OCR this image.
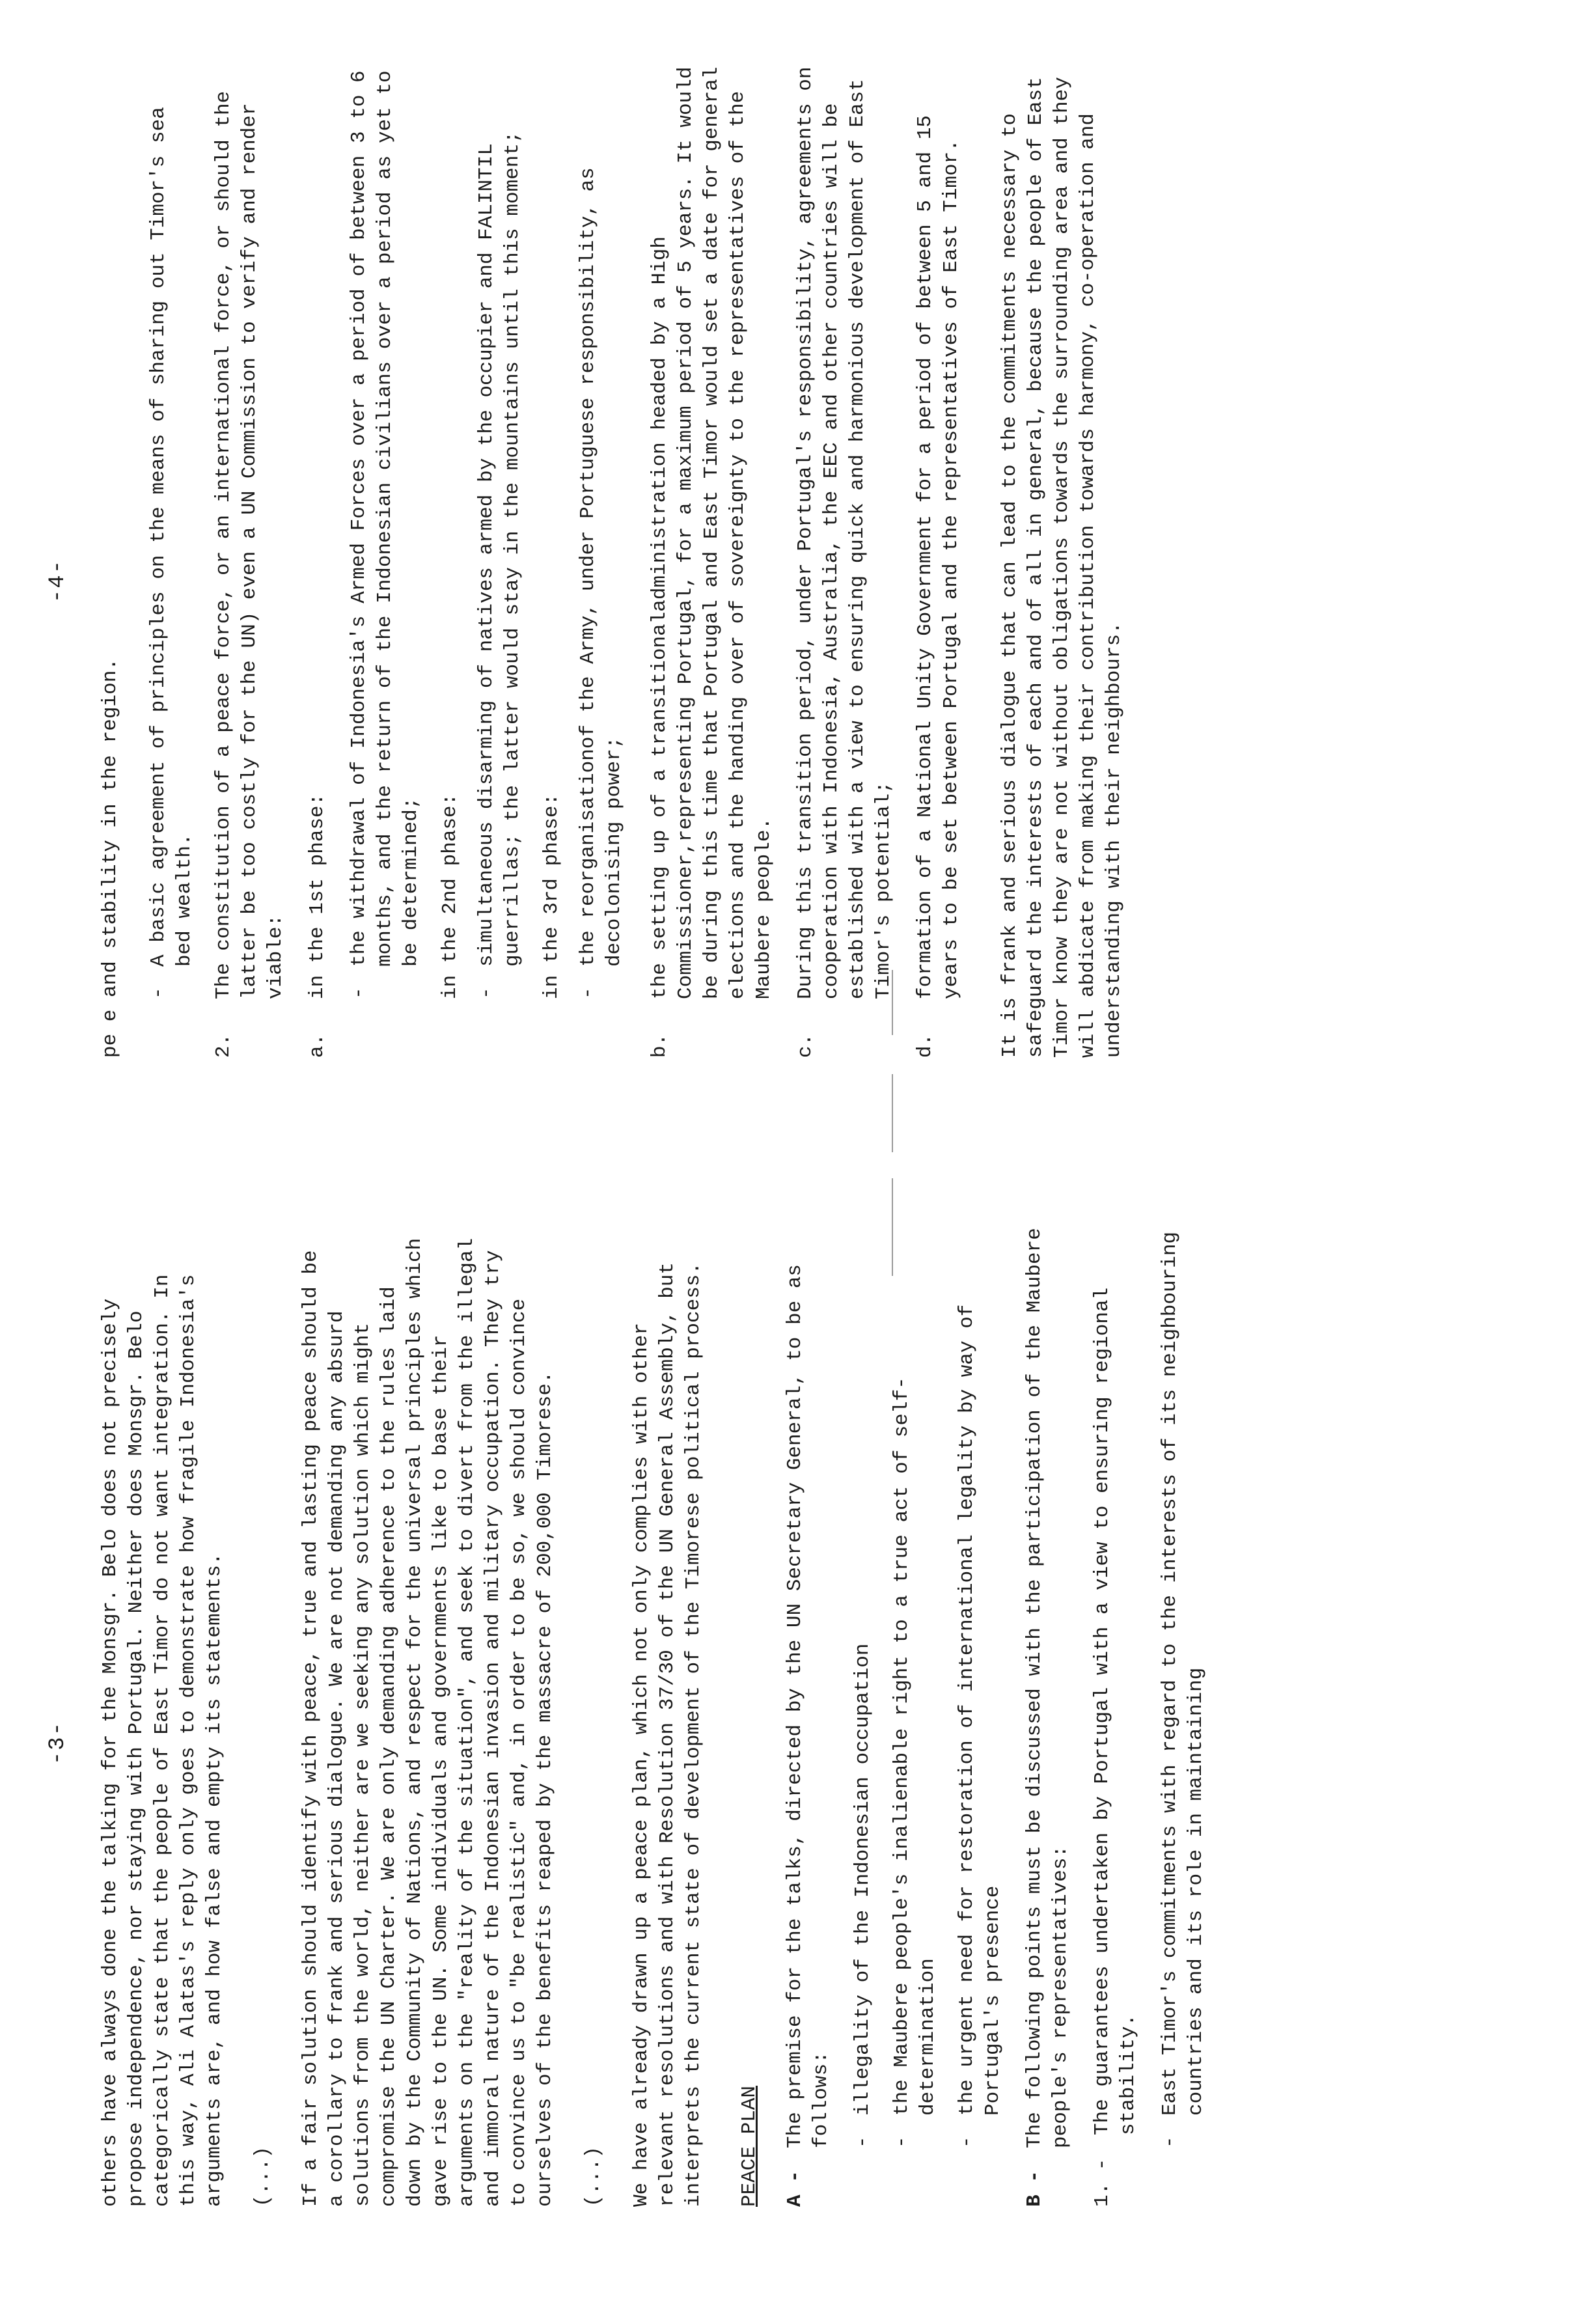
-3- others have always done the talking for the Monsgr. Belo does not precisely propose independence, nor staying with Portugal. Neither does Monsgr. Belo categorically state that the people of East Timor do not want integration. In this way, Ali Alatas's reply only goes to demonstrate how fragile Indonesia's arguments are, and how false and empty its statements. (...) If a fair solution should identify with peace, true and lasting peace should be a corollary to frank and serious dialogue. We are not demanding any absurd solutions from the world, neither are we seeking any solution which might compromise the UN Charter. We are only demanding adherence to the rules laid down by the Community of Nations, and respect for the universal principles which gave rise to the UN. Some individuals and governments like to base their arguments on the "reality of the situation", and seek to divert from the illegal and immoral nature of the Indonesian invasion and military occupation. They try to convince us to "be realistic" and, in order to be so, we should convince ourselves of the benefits reaped by the massacre of 200,000 Timorese. (...) We have already drawn up a peace plan, which not only complies with other relevant resolutions and with Resolution 37/30 of the UN General Assembly, but interprets the current state of development of the Timorese political process. PEACE PLAN A -
The premise for the talks, directed by the UN Secretary General, to be as follows: -
illegality of the Indonesian occupation
-
the Maubere people's inalienable right to a true act of self-determination
-
the urgent need for restoration of international legality by way of Portugal's presence
B -
The following points must be discussed with the participation of the Maubere people's representatives:
1. -
The guarantees undertaken by Portugal with a view to ensuring regional stability.
-
East Timor's commitments with regard to the interests of its neighbouring countries and its role in maintaining
-4-

pe e and stability in the region. -
A basic agreement of principles on the means of sharing out Timor's sea bed wealth.
2.
The constitution of a peace force, or an international force, or should the latter be too costly for the UN) even a UN Commission to verify and render viable:
a.
in the 1st phase: -
the withdrawal of Indonesia's Armed Forces over a period of between 3 to 6 months, and the return of the Indonesian civilians over a period as yet to be determined; in the 2nd phase: -
simultaneous disarming of natives armed by the occupier and FALINTIL guerrillas; the latter would stay in the mountains until this moment; in the 3rd phase: -
the reorganisationof the Army, under Portuguese responsibility, as decolonising power;
b.
the setting up of a transitionaladministration headed by a High Commissioner,representing Portugal, for a maximum period of 5 years. It would be during this time that Portugal and East Timor would set a date for general elections and the handing over of sovereignty to the representatives of the Maubere people.
c.
During this transition period, under Portugal's responsibility, agreements on cooperation with Indonesia, Australia, the EEC and other countries will be established with a view to ensuring quick and harmonious development of East Timor's potential;
d.
formation of a National Unity Government for a period of between 5 and 15 years to be set between Portugal and the representatives of East Timor. It is frank and serious dialogue that can lead to the commitments necessary to safeguard the interests of each and of all in general, because the people of East Timor know they are not without obligations towards the surrounding area and they will abdicate from making their contribution towards harmony, co-operation and understanding with their neighbours.
